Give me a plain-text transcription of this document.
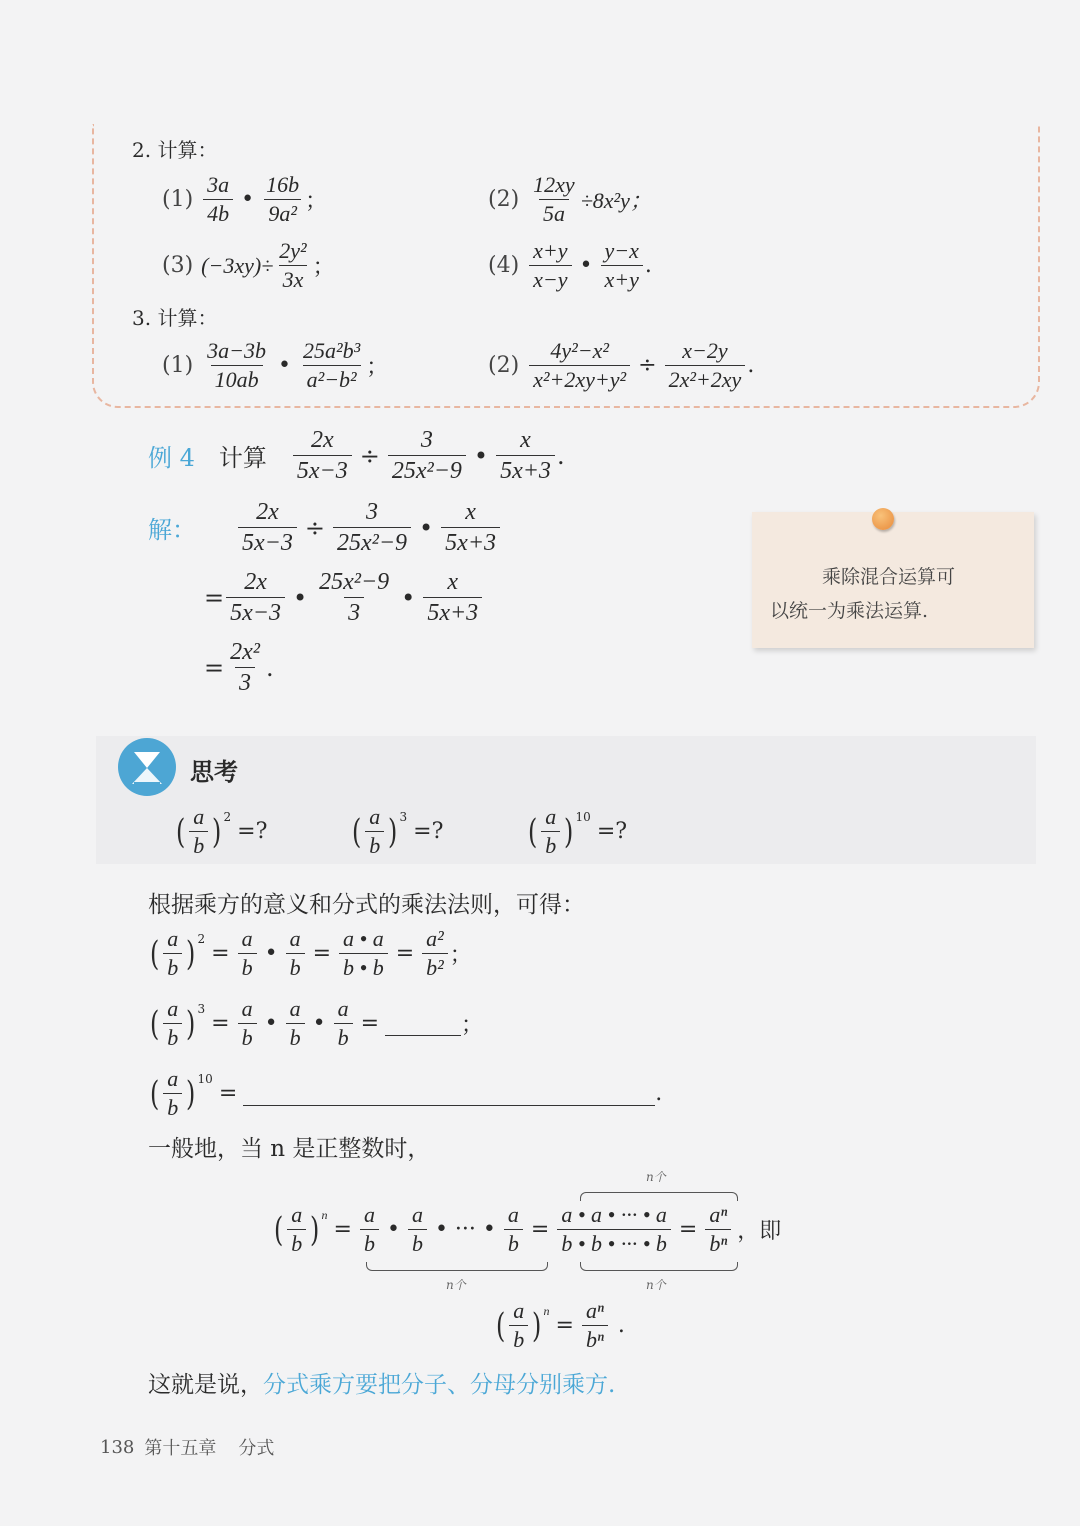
2. 计算：
(1)
3a
4b
•
16b
9a² ；	$(2) \frac{12xy}{5a} \div 8x^2y$；
(3) $(-3xy)\div \frac{\text{2y²}}{3x}$ ；	(4)
x+y
x−y
•
y−x
x+y
.
3. 计算：
(1)
3a−3b
10ab
•
25a²b³
a²−b² ；	$(2) \frac{\text{4y²−x²}}{\text{x²+2xy+y²}} \div \frac{x-2y}{\text{2x²+2xy}}$ .
例 4 计算 $\frac{2x}{5x-3} \div \frac{3}{\text{25x²−9}}$ •
x
5x+3
.
解： $\frac{2x}{5x-3} \div \frac{3}{\text{25x²−9}}$ •
x
5x+3
= $\frac{2x}{5x-3}$ •
25x²−9
3
•
x
5x+3
= $\frac{\text{2x²}}{3}$ .
乘除混合运算可
以统一为乘法运算.
思考
( a
b )$^2$
=? ( a
b )$^3$
=? ( a
b )$^{10}$
=?
根据乘方的意义和分式的乘法法则，可得：
( a
b )$^2$
= $\frac{a}{b}$ • $\frac{a}{b} = \frac{a • a}{b • b} = \frac{\text{a²}}{\text{b²}}$ ；
( a
b )$^3$
= $\frac{a}{b}$ •
a
b
• $\frac{a}{b}$ =	；
( a
b )$^{10}$
=	.
一般地，当 n 是正整数时，
n个
( a
b )$^n$
= $\frac{a}{b}$ •
a
b
• ··· • $\frac{a}{b} = \frac{a • a • \cdot\cdot\cdot • a}{b • b • \cdot\cdot\cdot • b} = \frac{\text{aⁿ}}{\text{bⁿ}}$ ，即
n个	n个
( a
b )$^n$
= $\frac{\text{aⁿ}}{\text{bⁿ}}$ .
这就是说， 分式乘方要把分子、分母分别乘方.
138 第十五章 分式
